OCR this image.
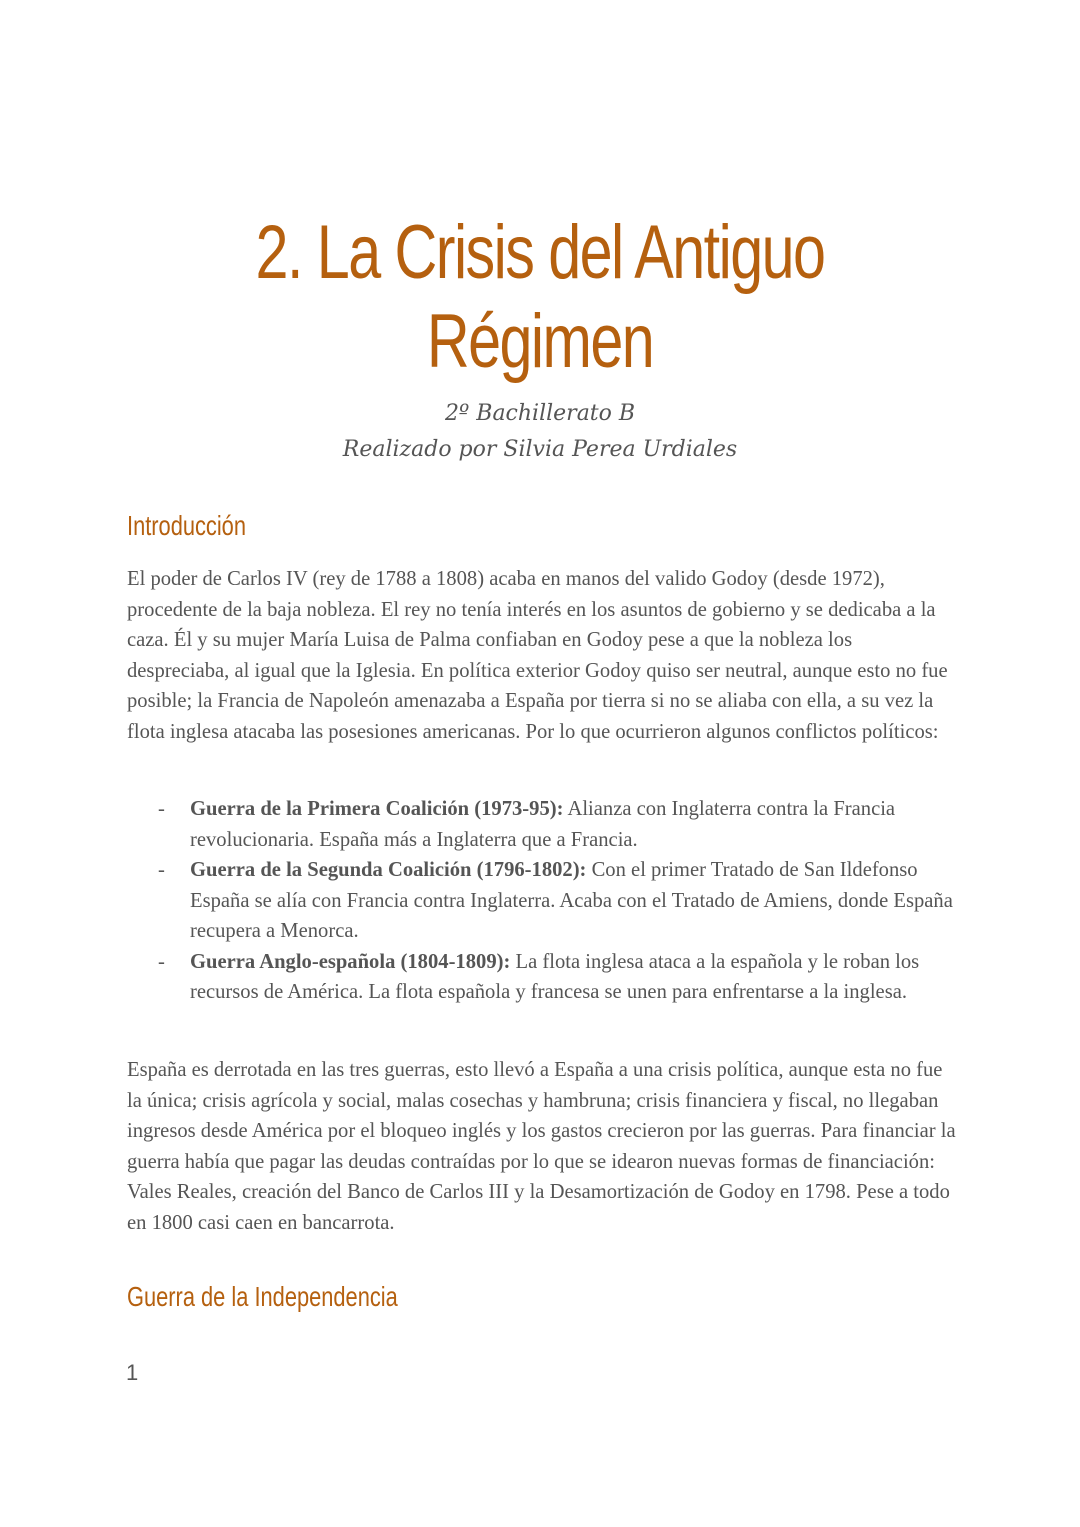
2. La Crisis del Antiguo
Régimen
2º Bachillerato B
Realizado por Silvia Perea Urdiales
Introducción
El poder de Carlos IV (rey de 1788 a 1808) acaba en manos del valido Godoy (desde 1972), procedente de la baja nobleza. El rey no tenía interés en los asuntos de gobierno y se dedicaba a la caza. Él y su mujer María Luisa de Palma confiaban en Godoy pese a que la nobleza los despreciaba, al igual que la Iglesia. En política exterior Godoy quiso ser neutral, aunque esto no fue posible; la Francia de Napoleón amenazaba a España por tierra si no se aliaba con ella, a su vez la flota inglesa atacaba las posesiones americanas. Por lo que ocurrieron algunos conflictos políticos:
- Guerra de la Primera Coalición (1973-95): Alianza con Inglaterra contra la Francia revolucionaria. España más a Inglaterra que a Francia.
- Guerra de la Segunda Coalición (1796-1802): Con el primer Tratado de San Ildefonso España se alía con Francia contra Inglaterra. Acaba con el Tratado de Amiens, donde España recupera a Menorca.
- Guerra Anglo-española (1804-1809): La flota inglesa ataca a la española y le roban los recursos de América. La flota española y francesa se unen para enfrentarse a la inglesa.
España es derrotada en las tres guerras, esto llevó a España a una crisis política, aunque esta no fue la única; crisis agrícola y social, malas cosechas y hambruna; crisis financiera y fiscal, no llegaban ingresos desde América por el bloqueo inglés y los gastos crecieron por las guerras. Para financiar la guerra había que pagar las deudas contraídas por lo que se idearon nuevas formas de financiación: Vales Reales, creación del Banco de Carlos III y la Desamortización de Godoy en 1798. Pese a todo en 1800 casi caen en bancarrota.
Guerra de la Independencia
1
